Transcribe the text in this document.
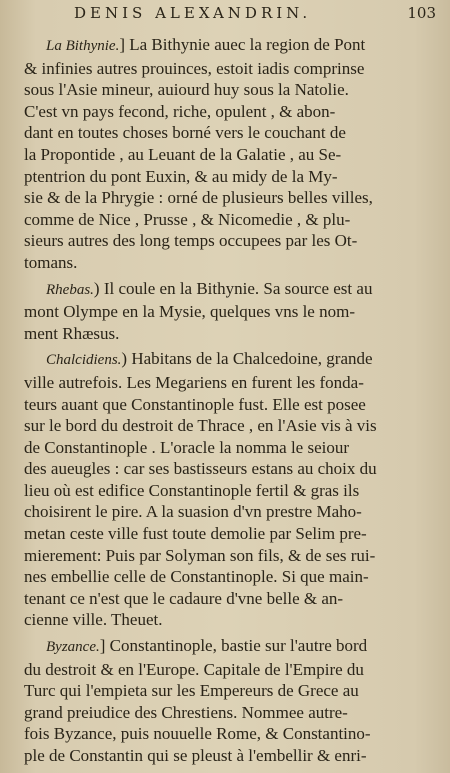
DENIS ALEXANDRIN.	103
La Bithynie.] La Bithynie auec la region de Pont
& infinies autres prouinces, estoit iadis comprinse
sous l'Asie mineur, auiourd huy sous la Natolie.
C'est vn pays fecond, riche, opulent , & abon-
dant en toutes choses borné vers le couchant de
la Propontide , au Leuant de la Galatie , au Se-
ptentrion du pont Euxin, & au midy de la My-
sie & de la Phrygie : orné de plusieurs belles villes,
comme de Nice , Prusse , & Nicomedie , & plu-
sieurs autres des long temps occupees par les Ot-
tomans.
Rhebas.) Il coule en la Bithynie. Sa source est au
mont Olympe en la Mysie, quelques vns le nom-
ment Rhæsus.
Chalcidiens.) Habitans de la Chalcedoine, grande
ville autrefois. Les Megariens en furent les fonda-
teurs auant que Constantinople fust. Elle est posee
sur le bord du destroit de Thrace , en l'Asie vis à vis
de Constantinople . L'oracle la nomma le seiour
des aueugles : car ses bastisseurs estans au choix du
lieu où est edifice Constantinople fertil & gras ils
choisirent le pire. A la suasion d'vn prestre Maho-
metan ceste ville fust toute demolie par Selim pre-
mierement: Puis par Solyman son fils, & de ses rui-
nes embellie celle de Constantinople. Si que main-
tenant ce n'est que le cadaure d'vne belle & an-
cienne ville. Theuet.
Byzance.] Constantinople, bastie sur l'autre bord
du destroit & en l'Europe. Capitale de l'Empire du
Turc qui l'empieta sur les Empereurs de Grece au
grand preiudice des Chrestiens. Nommee autre-
fois Byzance, puis nouuelle Rome, & Constantino-
ple de Constantin qui se pleust à l'embellir & enri-
